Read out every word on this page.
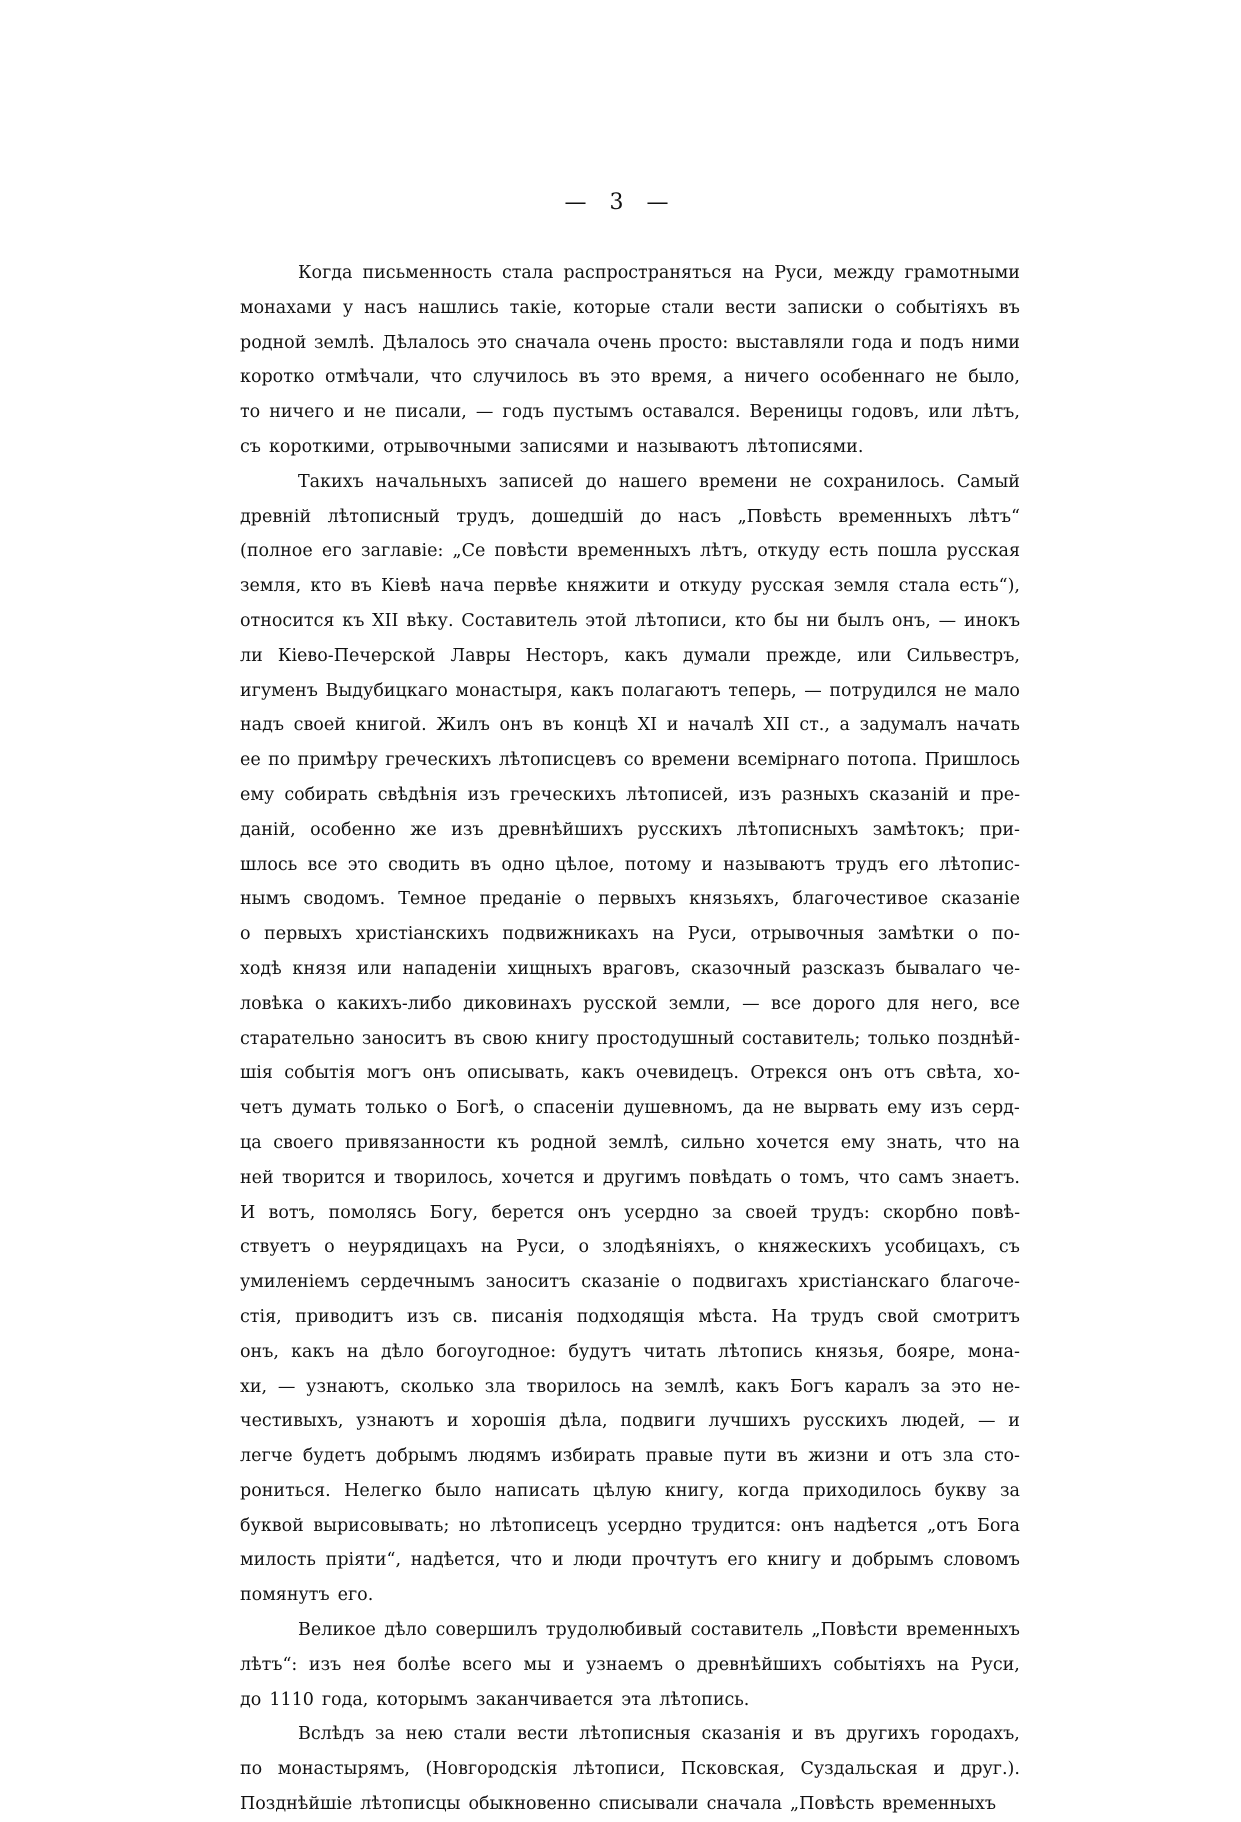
— 3 —
Когда письменность стала распространяться на Руси, между грамотными
монахами у насъ нашлись такіе, которые стали вести записки о событіяхъ въ
родной землѣ. Дѣлалось это сначала очень просто: выставляли года и подъ ними
коротко отмѣчали, что случилось въ это время, а ничего особеннаго не было,
то ничего и не писали, — годъ пустымъ оставался. Вереницы годовъ, или лѣтъ,
съ короткими, отрывочными записями и называютъ лѣтописями.
Такихъ начальныхъ записей до нашего времени не сохранилось. Самый
древній лѣтописный трудъ, дошедшій до насъ „Повѣсть временныхъ лѣтъ“
(полное его заглавіе: „Се повѣсти временныхъ лѣтъ, откуду есть пошла русская
земля, кто въ Кіевѣ нача первѣе княжити и откуду русская земля стала есть“),
относится къ XII вѣку. Составитель этой лѣтописи, кто бы ни былъ онъ, — инокъ
ли Кіево-Печерской Лавры Несторъ, какъ думали прежде, или Сильвестръ,
игуменъ Выдубицкаго монастыря, какъ полагаютъ теперь, — потрудился не мало
надъ своей книгой. Жилъ онъ въ концѣ XI и началѣ XII ст., а задумалъ начать
ее по примѣру греческихъ лѣтописцевъ со времени всемірнаго потопа. Пришлось
ему собирать свѣдѣнія изъ греческихъ лѣтописей, изъ разныхъ сказаній и пре-
даній, особенно же изъ древнѣйшихъ русскихъ лѣтописныхъ замѣтокъ; при-
шлось все это сводить въ одно цѣлое, потому и называютъ трудъ его лѣтопис-
нымъ сводомъ. Темное преданіе о первыхъ князьяхъ, благочестивое сказаніе
о первыхъ христіанскихъ подвижникахъ на Руси, отрывочныя замѣтки о по-
ходѣ князя или нападеніи хищныхъ враговъ, сказочный разсказъ бывалаго че-
ловѣка о какихъ-либо диковинахъ русской земли, — все дорого для него, все
старательно заноситъ въ свою книгу простодушный составитель; только позднѣй-
шія событія могъ онъ описывать, какъ очевидецъ. Отрекся онъ отъ свѣта, хо-
четъ думать только о Богѣ, о спасеніи душевномъ, да не вырвать ему изъ серд-
ца своего привязанности къ родной землѣ, сильно хочется ему знать, что на
ней творится и творилось, хочется и другимъ повѣдать о томъ, что самъ знаетъ.
И вотъ, помолясь Богу, берется онъ усердно за своей трудъ: скорбно повѣ-
ствуетъ о неурядицахъ на Руси, о злодѣяніяхъ, о княжескихъ усобицахъ, съ
умиленіемъ сердечнымъ заноситъ сказаніе о подвигахъ христіанскаго благоче-
стія, приводитъ изъ св. писанія подходящія мѣста. На трудъ свой смотритъ
онъ, какъ на дѣло богоугодное: будутъ читать лѣтопись князья, бояре, мона-
хи, — узнаютъ, сколько зла творилось на землѣ, какъ Богъ каралъ за это не-
честивыхъ, узнаютъ и хорошія дѣла, подвиги лучшихъ русскихъ людей, — и
легче будетъ добрымъ людямъ избирать правые пути въ жизни и отъ зла сто-
рониться. Нелегко было написать цѣлую книгу, когда приходилось букву за
буквой вырисовывать; но лѣтописецъ усердно трудится: онъ надѣется „отъ Бога
милость пріяти“, надѣется, что и люди прочтутъ его книгу и добрымъ словомъ
помянутъ его.
Великое дѣло совершилъ трудолюбивый составитель „Повѣсти временныхъ
лѣтъ“: изъ нея болѣе всего мы и узнаемъ о древнѣйшихъ событіяхъ на Руси,
до 1110 года, которымъ заканчивается эта лѣтопись.
Вслѣдъ за нею стали вести лѣтописныя сказанія и въ другихъ городахъ,
по монастырямъ, (Новгородскія лѣтописи, Псковская, Суздальская и друг.).
Позднѣйшіе лѣтописцы обыкновенно списывали сначала „Повѣсть временныхъ
